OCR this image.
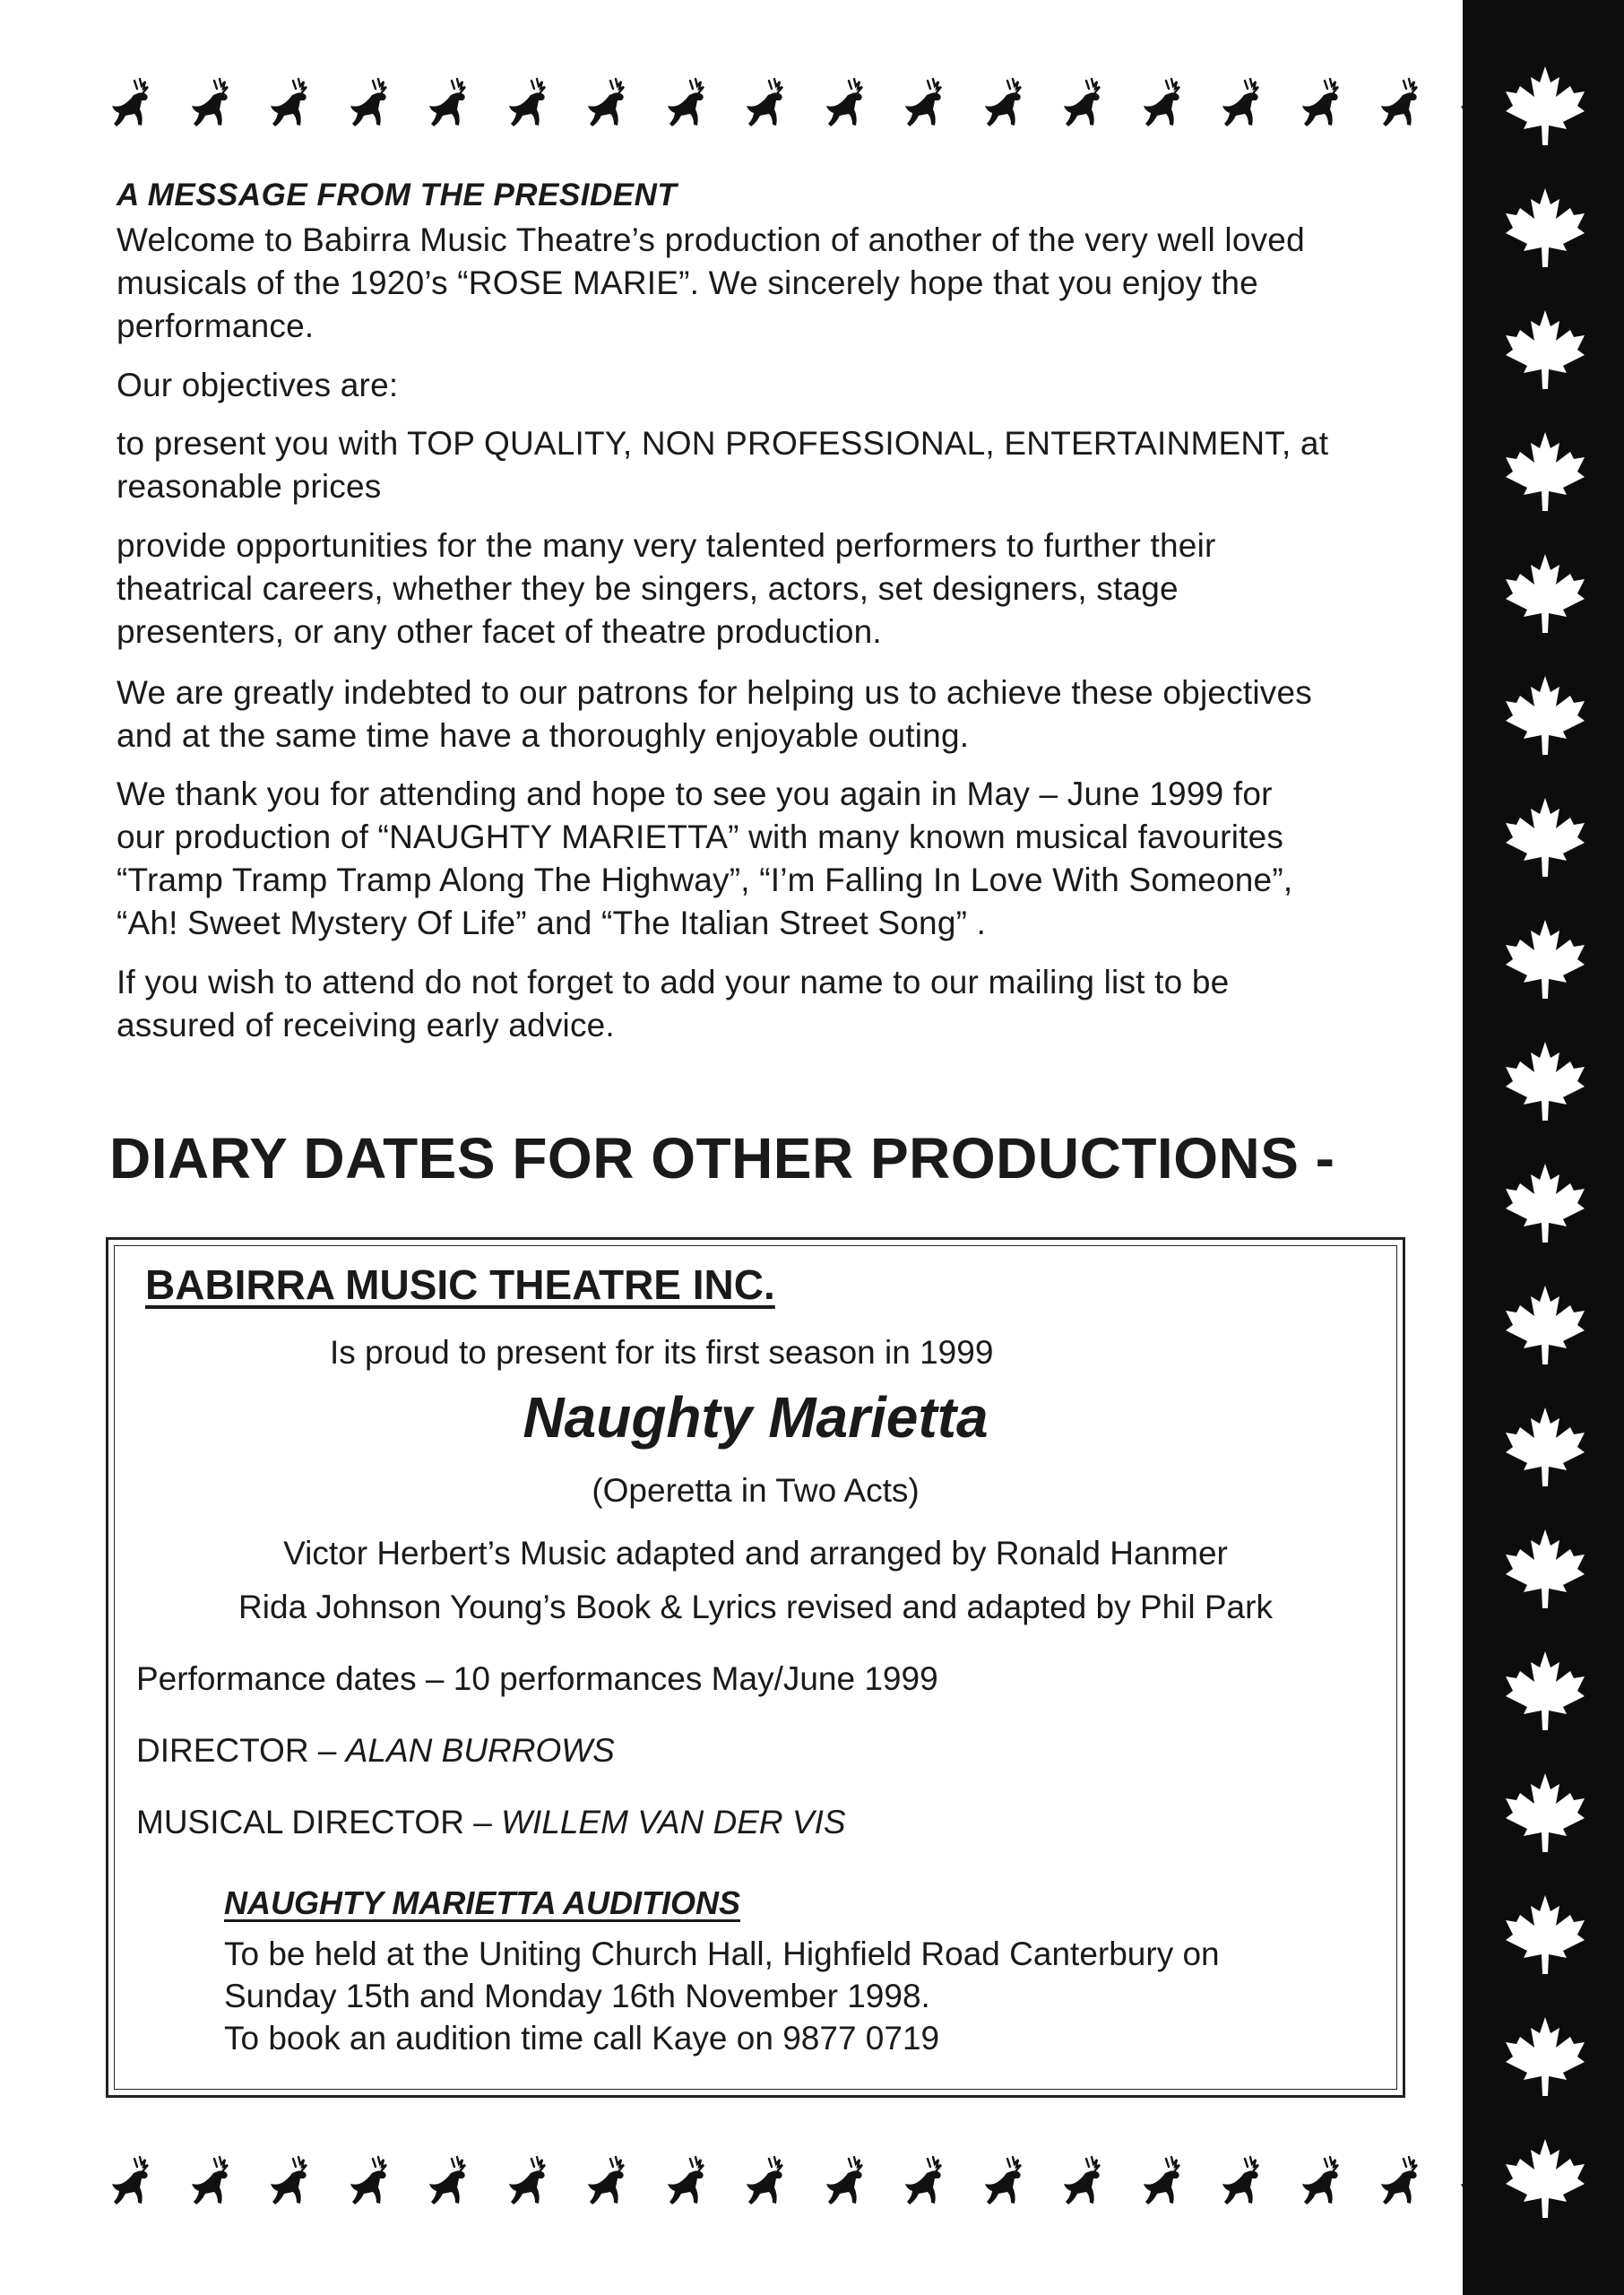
A MESSAGE FROM THE PRESIDENT

Welcome to Babirra Music Theatre’s production of another of the very well loved
musicals of the 1920’s “ROSE MARIE”. We sincerely hope that you enjoy the
performance.

Our objectives are:

to present you with TOP QUALITY, NON PROFESSIONAL, ENTERTAINMENT, at
reasonable prices

provide opportunities for the many very talented performers to further their
theatrical careers, whether they be singers, actors, set designers, stage
presenters, or any other facet of theatre production.

We are greatly indebted to our patrons for helping us to achieve these objectives
and at the same time have a thoroughly enjoyable outing.

We thank you for attending and hope to see you again in May – June 1999 for
our production of “NAUGHTY MARIETTA” with many known musical favourites
“Tramp Tramp Tramp Along The Highway”, “I’m Falling In Love With Someone”,
“Ah! Sweet Mystery Of Life” and “The Italian Street Song” .

If you wish to attend do not forget to add your name to our mailing list to be
assured of receiving early advice.

DIARY DATES FOR OTHER PRODUCTIONS -
BABIRRA MUSIC THEATRE INC.
Is proud to present for its first season in 1999
Naughty Marietta
(Operetta in Two Acts)
Victor Herbert’s Music adapted and arranged by Ronald Hanmer
Rida Johnson Young’s Book & Lyrics revised and adapted by Phil Park
Performance dates – 10 performances May/June 1999
DIRECTOR – ALAN BURROWS
MUSICAL DIRECTOR – WILLEM VAN DER VIS
NAUGHTY MARIETTA AUDITIONS
To be held at the Uniting Church Hall, Highfield Road Canterbury on
Sunday 15th and Monday 16th November 1998.
To book an audition time call Kaye on 9877 0719
